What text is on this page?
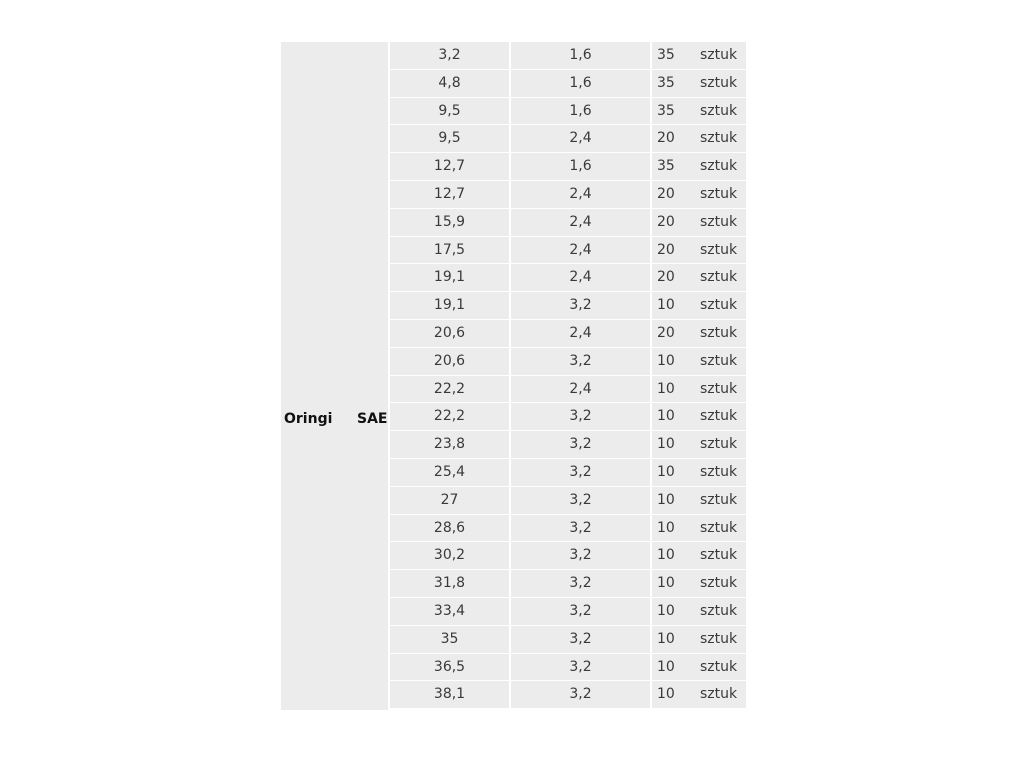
Oringi SAE
3,2	1,6	35	sztuk
4,8	1,6	35	sztuk
9,5	1,6	35	sztuk
9,5	2,4	20	sztuk
12,7	1,6	35	sztuk
12,7	2,4	20	sztuk
15,9	2,4	20	sztuk
17,5	2,4	20	sztuk
19,1	2,4	20	sztuk
19,1	3,2	10	sztuk
20,6	2,4	20	sztuk
20,6	3,2	10	sztuk
22,2	2,4	10	sztuk
22,2	3,2	10	sztuk
23,8	3,2	10	sztuk
25,4	3,2	10	sztuk
27	3,2	10	sztuk
28,6	3,2	10	sztuk
30,2	3,2	10	sztuk
31,8	3,2	10	sztuk
33,4	3,2	10	sztuk
35	3,2	10	sztuk
36,5	3,2	10	sztuk
38,1	3,2	10	sztuk
